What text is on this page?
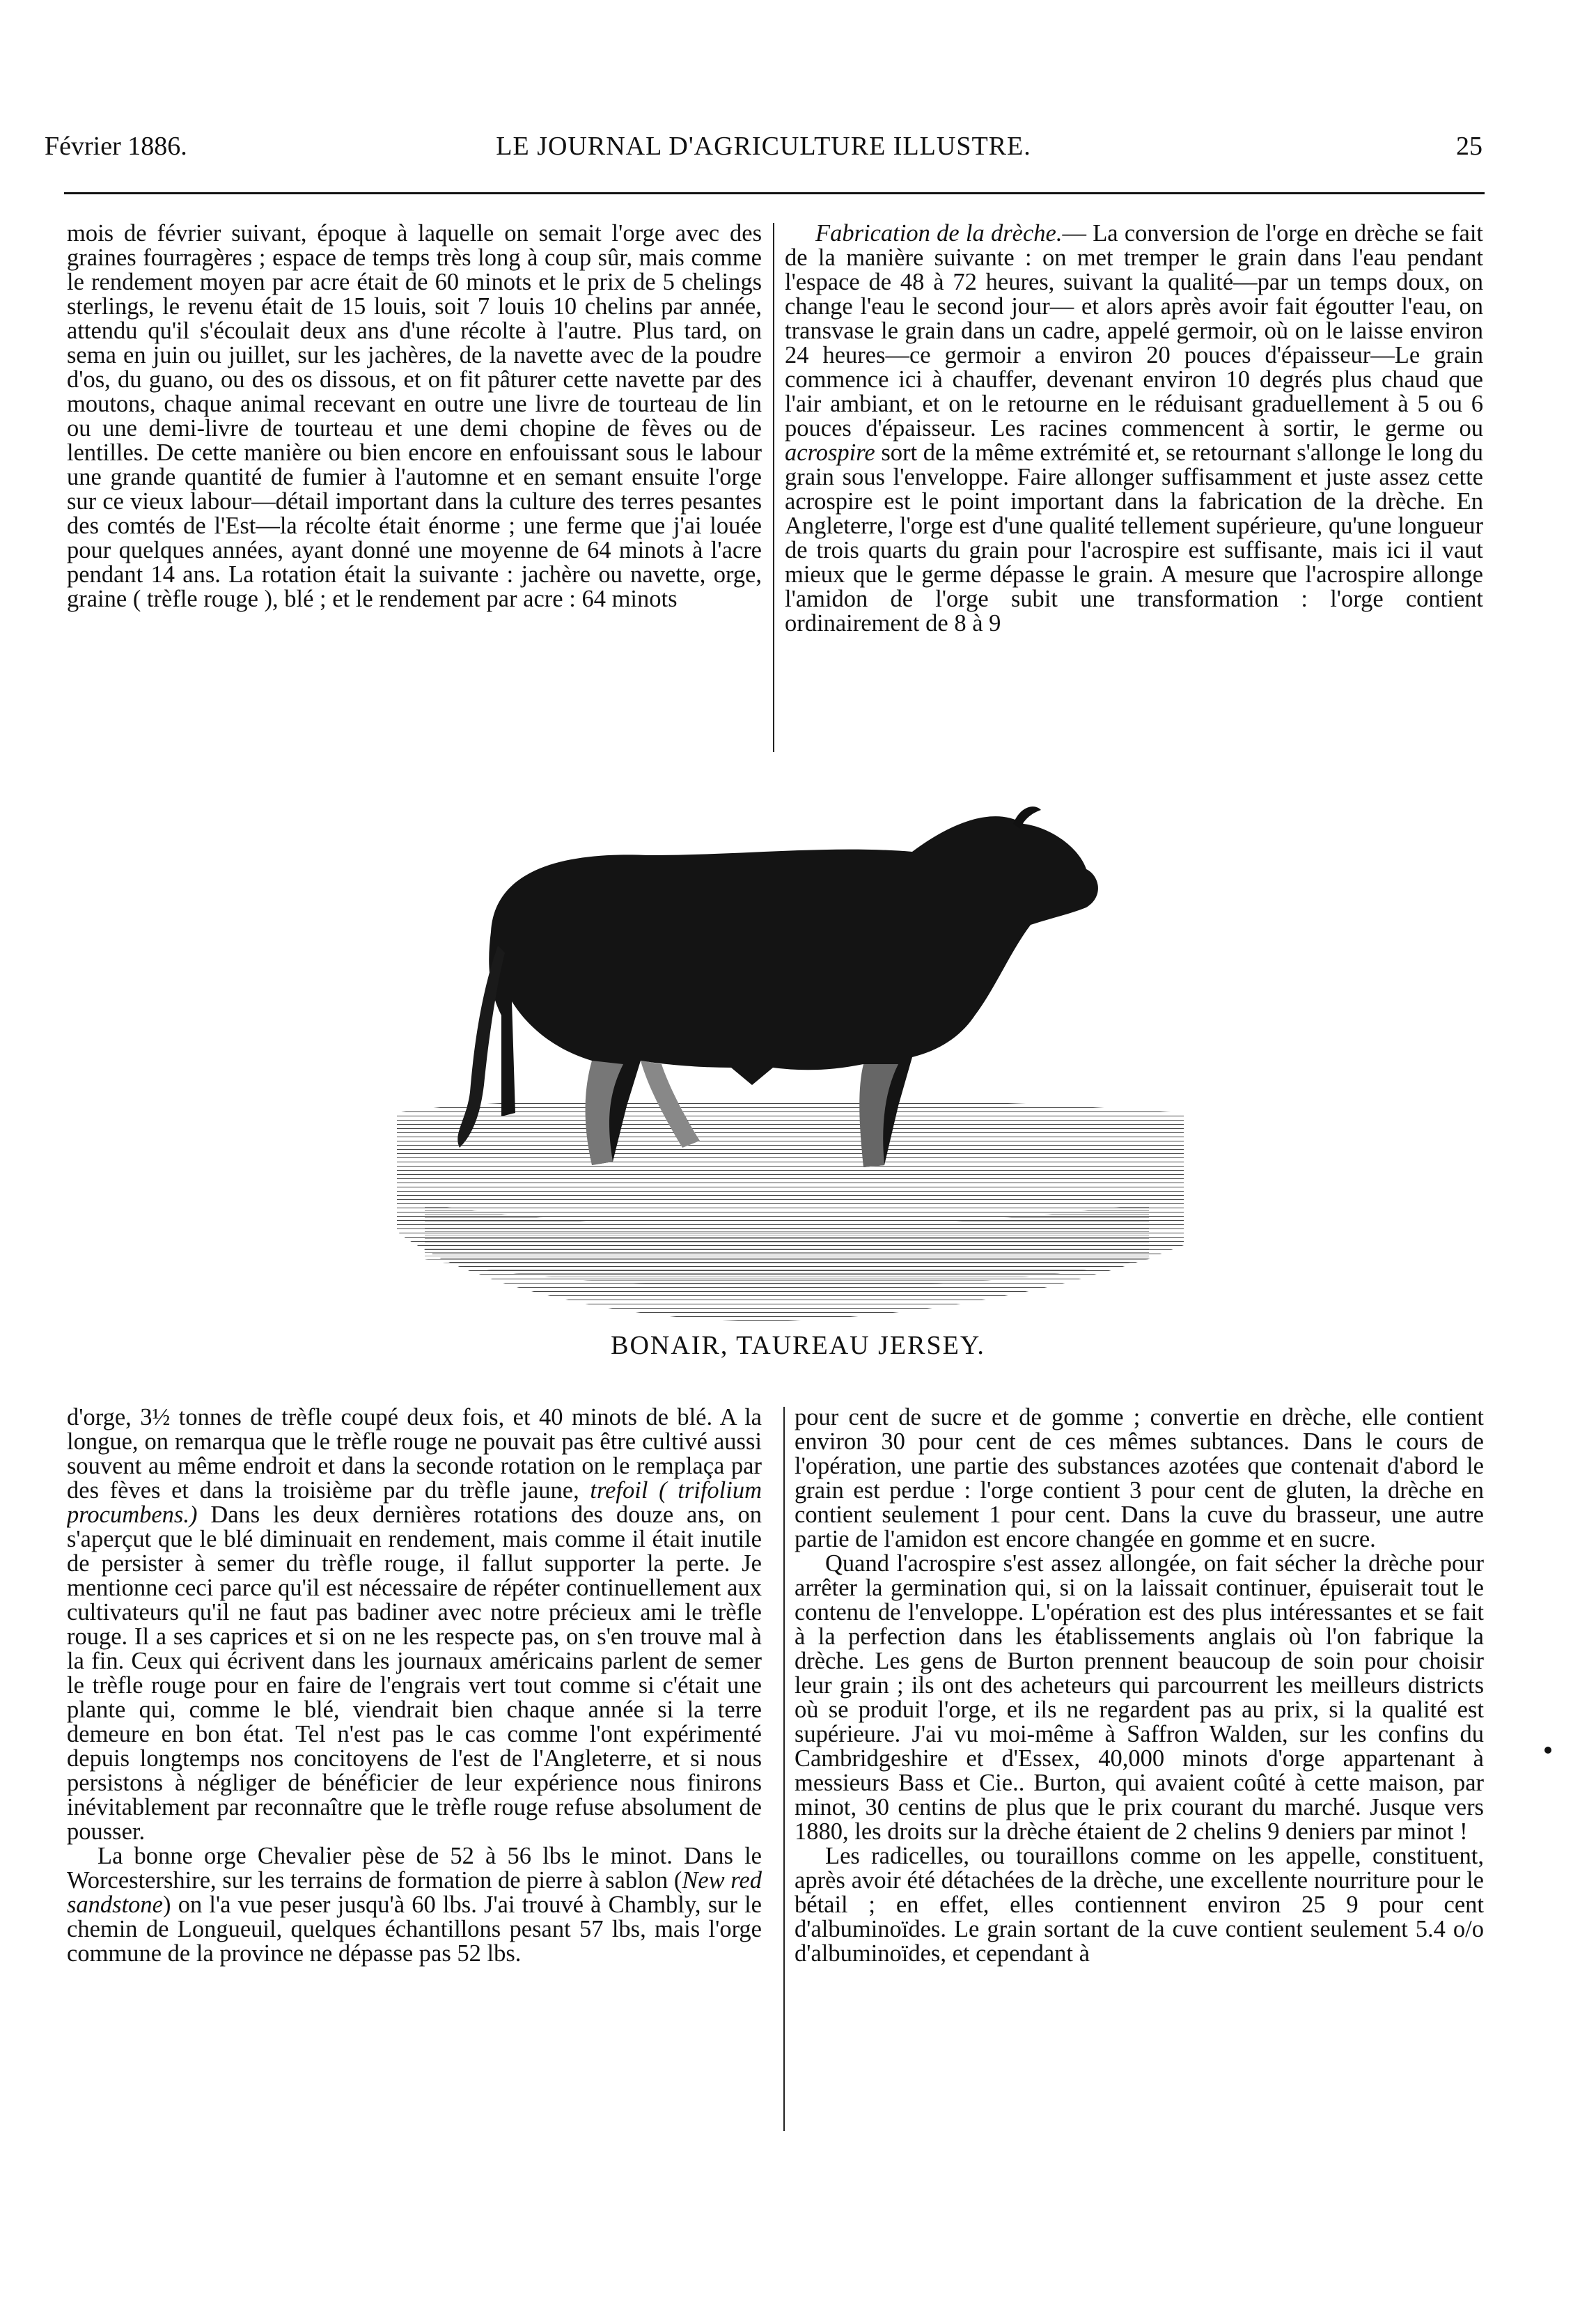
Février 1886.	LE JOURNAL D'AGRICULTURE ILLUSTRE.	25

mois de février suivant, époque à laquelle on semait l'orge avec des graines fourragères ; espace de temps très long à coup sûr, mais comme le rendement moyen par acre était de 60 minots et le prix de 5 chelings sterlings, le revenu était de 15 louis, soit 7 louis 10 chelins par année, attendu qu'il s'écoulait deux ans d'une récolte à l'autre. Plus tard, on sema en juin ou juillet, sur les jachères, de la navette avec de la poudre d'os, du guano, ou des os dissous, et on fit pâturer cette navette par des moutons, chaque animal recevant en outre une livre de tourteau de lin ou une demi-livre de tourteau et une demi chopine de fèves ou de lentilles. De cette manière ou bien encore en enfouissant sous le labour une grande quantité de fumier à l'automne et en semant ensuite l'orge sur ce vieux labour—détail important dans la culture des terres pesantes des comtés de l'Est—la récolte était énorme ; une ferme que j'ai louée pour quelques années, ayant donné une moyenne de 64 minots à l'acre pendant 14 ans. La rotation était la suivante : jachère ou navette, orge, graine ( trèfle rouge ), blé ; et le rendement par acre : 64 minots

Fabrication de la drèche.— La conversion de l'orge en drèche se fait de la manière suivante : on met tremper le grain dans l'eau pendant l'espace de 48 à 72 heures, suivant la qualité—par un temps doux, on change l'eau le second jour— et alors après avoir fait égoutter l'eau, on transvase le grain dans un cadre, appelé germoir, où on le laisse environ 24 heures—ce germoir a environ 20 pouces d'épaisseur—Le grain commence ici à chauffer, devenant environ 10 degrés plus chaud que l'air ambiant, et on le retourne en le réduisant graduellement à 5 ou 6 pouces d'épaisseur. Les racines commencent à sortir, le germe ou acrospire sort de la même extrémité et, se retournant s'allonge le long du grain sous l'enveloppe. Faire allonger suffisamment et juste assez cette acrospire est le point important dans la fabrication de la drèche. En Angleterre, l'orge est d'une qualité tellement supérieure, qu'une longueur de trois quarts du grain pour l'acrospire est suffisante, mais ici il vaut mieux que le germe dépasse le grain. A mesure que l'acrospire allonge l'amidon de l'orge subit une transformation : l'orge contient ordinairement de 8 à 9

BONAIR, TAUREAU JERSEY.

d'orge, 3½ tonnes de trèfle coupé deux fois, et 40 minots de blé. A la longue, on remarqua que le trèfle rouge ne pouvait pas être cultivé aussi souvent au même endroit et dans la seconde rotation on le remplaça par des fèves et dans la troisième par du trèfle jaune, trefoil ( trifolium procumbens.) Dans les deux dernières rotations des douze ans, on s'aperçut que le blé diminuait en rendement, mais comme il était inutile de persister à semer du trèfle rouge, il fallut supporter la perte. Je mentionne ceci parce qu'il est nécessaire de répéter continuellement aux cultivateurs qu'il ne faut pas badiner avec notre précieux ami le trèfle rouge. Il a ses caprices et si on ne les respecte pas, on s'en trouve mal à la fin. Ceux qui écrivent dans les journaux américains parlent de semer le trèfle rouge pour en faire de l'engrais vert tout comme si c'était une plante qui, comme le blé, viendrait bien chaque année si la terre demeure en bon état. Tel n'est pas le cas comme l'ont expérimenté depuis longtemps nos concitoyens de l'est de l'Angleterre, et si nous persistons à négliger de bénéficier de leur expérience nous finirons inévitablement par reconnaître que le trèfle rouge refuse absolument de pousser.

La bonne orge Chevalier pèse de 52 à 56 lbs le minot. Dans le Worcestershire, sur les terrains de formation de pierre à sablon (New red sandstone) on l'a vue peser jusqu'à 60 lbs. J'ai trouvé à Chambly, sur le chemin de Longueuil, quelques échantillons pesant 57 lbs, mais l'orge commune de la province ne dépasse pas 52 lbs.

pour cent de sucre et de gomme ; convertie en drèche, elle contient environ 30 pour cent de ces mêmes subtances. Dans le cours de l'opération, une partie des substances azotées que contenait d'abord le grain est perdue : l'orge contient 3 pour cent de gluten, la drèche en contient seulement 1 pour cent. Dans la cuve du brasseur, une autre partie de l'amidon est encore changée en gomme et en sucre.

Quand l'acrospire s'est assez allongée, on fait sécher la drèche pour arrêter la germination qui, si on la laissait continuer, épuiserait tout le contenu de l'enveloppe. L'opération est des plus intéressantes et se fait à la perfection dans les établissements anglais où l'on fabrique la drèche. Les gens de Burton prennent beaucoup de soin pour choisir leur grain ; ils ont des acheteurs qui parcourrent les meilleurs districts où se produit l'orge, et ils ne regardent pas au prix, si la qualité est supérieure. J'ai vu moi-même à Saffron Walden, sur les confins du Cambridgeshire et d'Essex, 40,000 minots d'orge appartenant à messieurs Bass et Cie.. Burton, qui avaient coûté à cette maison, par minot, 30 centins de plus que le prix courant du marché. Jusque vers 1880, les droits sur la drèche étaient de 2 chelins 9 deniers par minot !

Les radicelles, ou touraillons comme on les appelle, constituent, après avoir été détachées de la drèche, une excellente nourriture pour le bétail ; en effet, elles contiennent environ 25 9 pour cent d'albuminoïdes. Le grain sortant de la cuve contient seulement 5.4 o/o d'albuminoïdes, et cependant à
